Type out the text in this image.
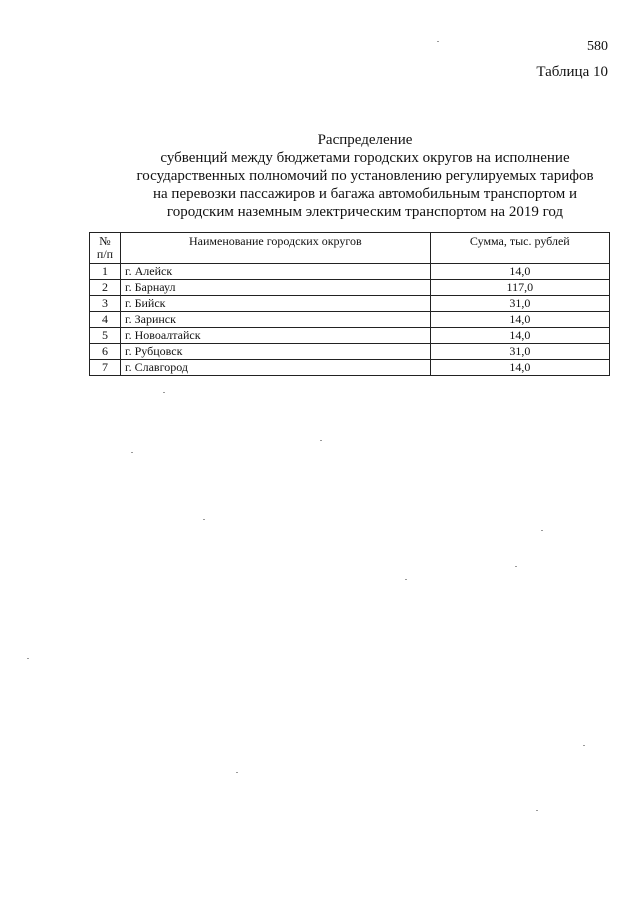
580
Таблица 10
Распределение
субвенций между бюджетами городских округов на исполнение
государственных полномочий по установлению регулируемых тарифов
на перевозки пассажиров и багажа автомобильным транспортом и
городским наземным электрическим транспортом на 2019 год
№
п/п	Наименование городских округов	Сумма, тыс. рублей
1	г. Алейск	14,0
2	г. Барнаул	117,0
3	г. Бийск	31,0
4	г. Заринск	14,0
5	г. Новоалтайск	14,0
6	г. Рубцовск	31,0
7	г. Славгород	14,0
